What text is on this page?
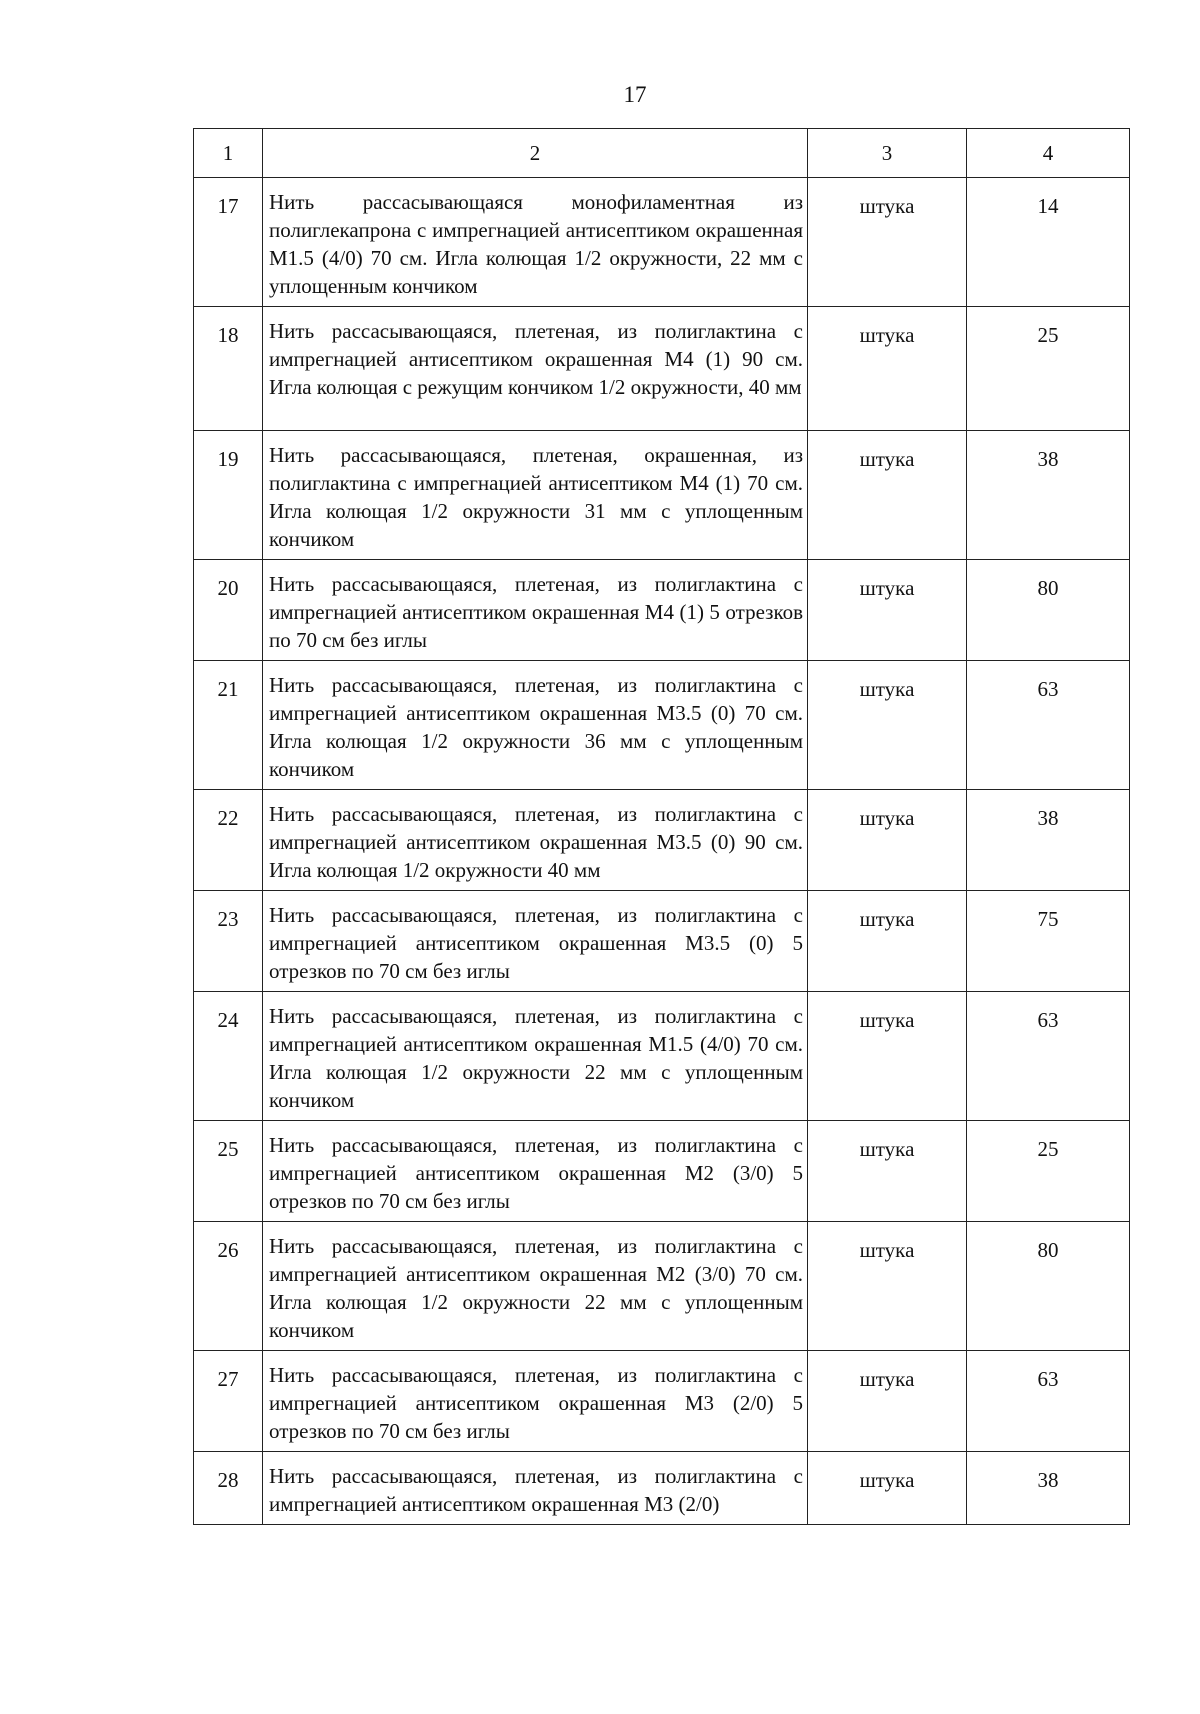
17
1	2	3	4
17	Нить рассасывающаяся монофиламентная из полиглекапрона с импрегнацией антисептиком окрашенная M1.5 (4/0) 70 см. Игла колющая 1/2 окружности, 22 мм с уплощенным кончиком	штука	14
18	Нить рассасывающаяся, плетеная, из полиглактина с импрегнацией антисептиком окрашенная M4 (1) 90 см. Игла колющая с режущим кончиком 1/2 окружности, 40 мм	штука	25
19	Нить рассасывающаяся, плетеная, окрашенная, из полиглактина с импрегнацией антисептиком M4 (1) 70 см. Игла колющая 1/2 окружности 31 мм с уплощенным кончиком	штука	38
20	Нить рассасывающаяся, плетеная, из полиглактина с импрегнацией антисептиком окрашенная M4 (1) 5 отрезков по 70 см без иглы	штука	80
21	Нить рассасывающаяся, плетеная, из полиглактина с импрегнацией антисептиком окрашенная M3.5 (0) 70 см. Игла колющая 1/2 окружности 36 мм с уплощенным кончиком	штука	63
22	Нить рассасывающаяся, плетеная, из полиглактина с импрегнацией антисептиком окрашенная M3.5 (0) 90 см. Игла колющая 1/2 окружности 40 мм	штука	38
23	Нить рассасывающаяся, плетеная, из полиглактина с импрегнацией антисептиком окрашенная M3.5 (0) 5 отрезков по 70 см без иглы	штука	75
24	Нить рассасывающаяся, плетеная, из полиглактина с импрегнацией антисептиком окрашенная M1.5 (4/0) 70 см. Игла колющая 1/2 окружности 22 мм с уплощенным кончиком	штука	63
25	Нить рассасывающаяся, плетеная, из полиглактина с импрегнацией антисептиком окрашенная M2 (3/0) 5 отрезков по 70 см без иглы	штука	25
26	Нить рассасывающаяся, плетеная, из полиглактина с импрегнацией антисептиком окрашенная M2 (3/0) 70 см. Игла колющая 1/2 окружности 22 мм с уплощенным кончиком	штука	80
27	Нить рассасывающаяся, плетеная, из полиглактина с импрегнацией антисептиком окрашенная M3 (2/0) 5 отрезков по 70 см без иглы	штука	63
28	Нить рассасывающаяся, плетеная, из полиглактина с импрегнацией антисептиком окрашенная M3 (2/0)	штука	38
